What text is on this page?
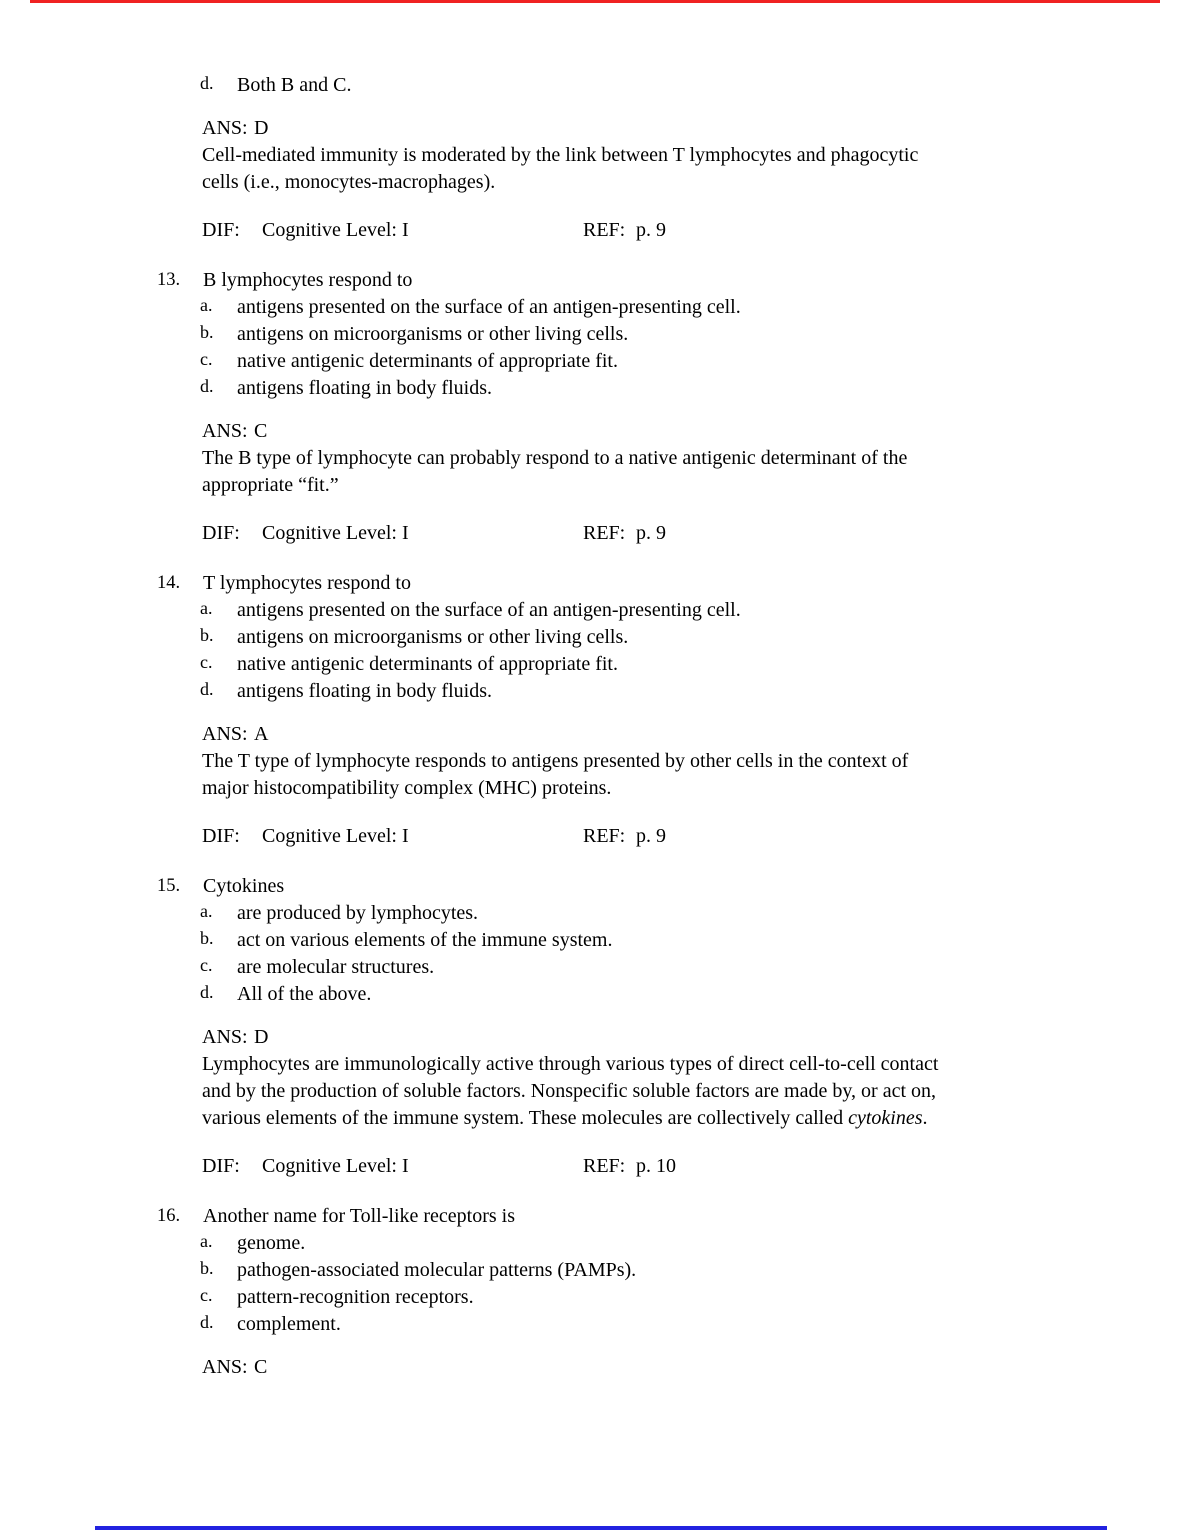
d. Both B and C.
ANS: D
Cell-mediated immunity is moderated by the link between T lymphocytes and phagocytic
cells (i.e., monocytes-macrophages).
DIF: Cognitive Level: I	REF: p. 9
13. B lymphocytes respond to
a. antigens presented on the surface of an antigen-presenting cell.
b. antigens on microorganisms or other living cells.
c. native antigenic determinants of appropriate fit.
d. antigens floating in body fluids.
ANS: C
The B type of lymphocyte can probably respond to a native antigenic determinant of the
appropriate “fit.”
DIF: Cognitive Level: I	REF: p. 9
14. T lymphocytes respond to
a. antigens presented on the surface of an antigen-presenting cell.
b. antigens on microorganisms or other living cells.
c. native antigenic determinants of appropriate fit.
d. antigens floating in body fluids.
ANS: A
The T type of lymphocyte responds to antigens presented by other cells in the context of
major histocompatibility complex (MHC) proteins.
DIF: Cognitive Level: I	REF: p. 9
15. Cytokines
a. are produced by lymphocytes.
b. act on various elements of the immune system.
c. are molecular structures.
d. All of the above.
ANS: D
Lymphocytes are immunologically active through various types of direct cell-to-cell contact
and by the production of soluble factors. Nonspecific soluble factors are made by, or act on,
various elements of the immune system. These molecules are collectively called cytokines.
DIF: Cognitive Level: I	REF: p. 10
16. Another name for Toll-like receptors is
a. genome.
b. pathogen-associated molecular patterns (PAMPs).
c. pattern-recognition receptors.
d. complement.
ANS: C
